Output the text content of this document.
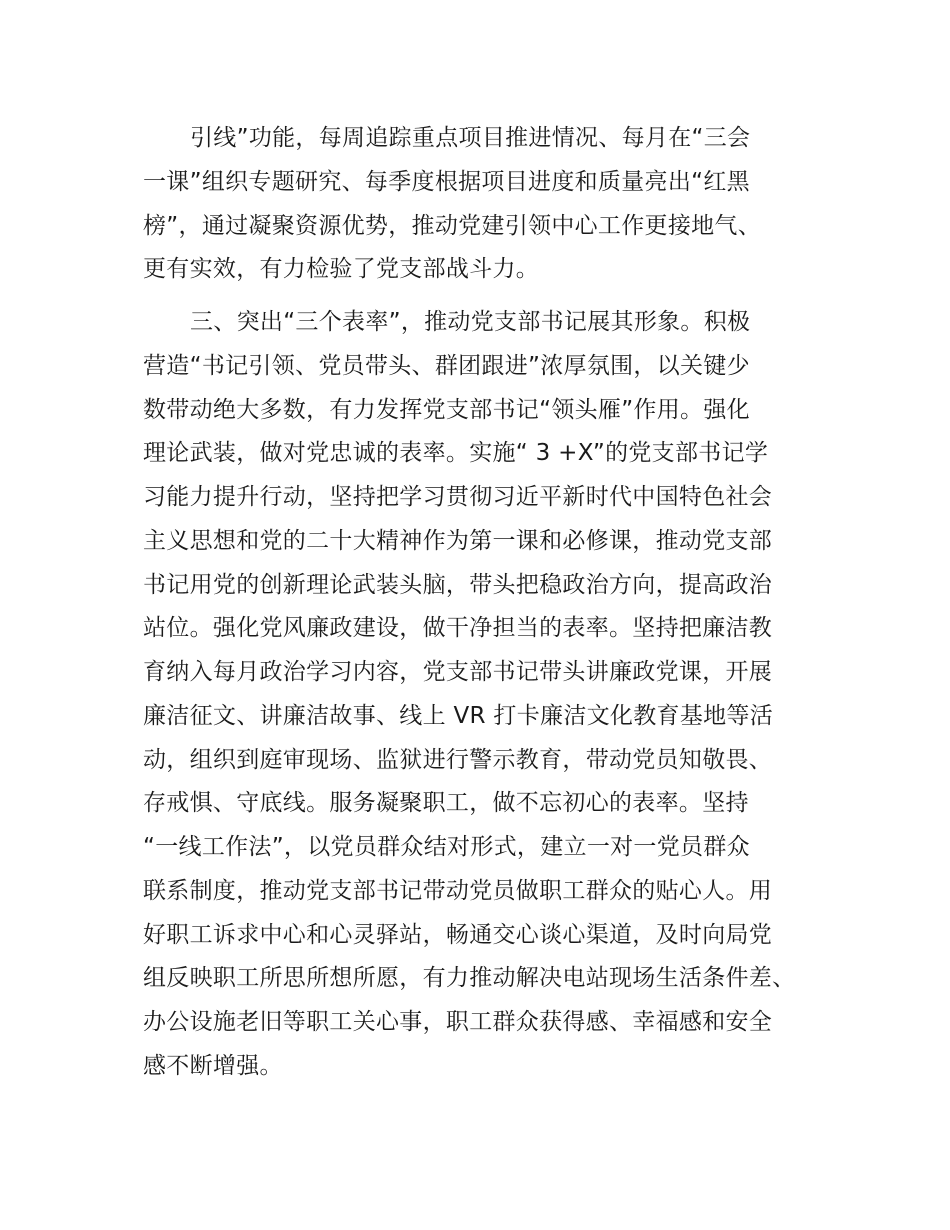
引线”功能，每周追踪重点项目推进情况、每月在“三会
一课”组织专题研究、每季度根据项目进度和质量亮出“红黑
榜”，通过凝聚资源优势，推动党建引领中心工作更接地气、
更有实效，有力检验了党支部战斗力。
三、突出“三个表率”，推动党支部书记展其形象。积极
营造“书记引领、党员带头、群团跟进”浓厚氛围，以关键少
数带动绝大多数，有力发挥党支部书记“领头雁”作用。强化
理论武装，做对党忠诚的表率。实施“ 3 +X”的党支部书记学
习能力提升行动，坚持把学习贯彻习近平新时代中国特色社会
主义思想和党的二十大精神作为第一课和必修课，推动党支部
书记用党的创新理论武装头脑，带头把稳政治方向，提高政治
站位。强化党风廉政建设，做干净担当的表率。坚持把廉洁教
育纳入每月政治学习内容，党支部书记带头讲廉政党课，开展
廉洁征文、讲廉洁故事、线上 VR 打卡廉洁文化教育基地等活
动，组织到庭审现场、监狱进行警示教育，带动党员知敬畏、
存戒惧、守底线。服务凝聚职工，做不忘初心的表率。坚持
“一线工作法”，以党员群众结对形式，建立一对一党员群众
联系制度，推动党支部书记带动党员做职工群众的贴心人。用
好职工诉求中心和心灵驿站，畅通交心谈心渠道，及时向局党
组反映职工所思所想所愿，有力推动解决电站现场生活条件差、
办公设施老旧等职工关心事，职工群众获得感、幸福感和安全
感不断增强。
